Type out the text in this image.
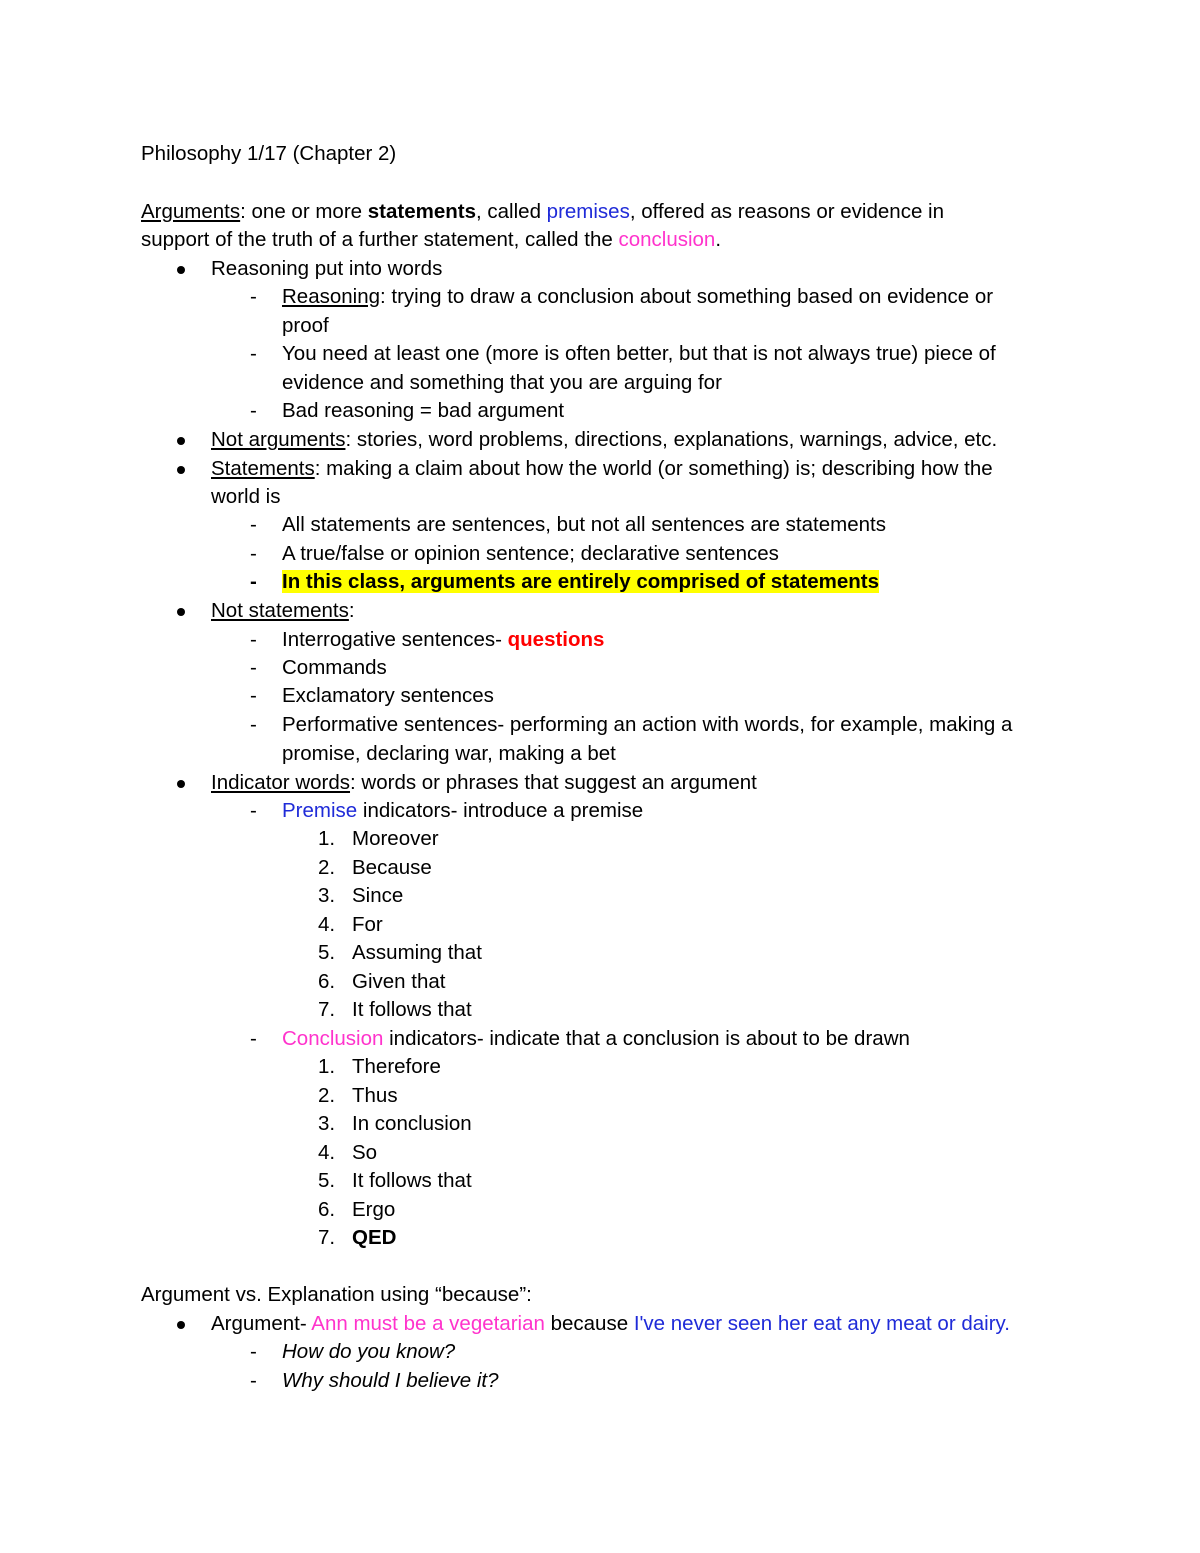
Philosophy 1/17 (Chapter 2)
Arguments: one or more statements, called premises, offered as reasons or evidence in
support of the truth of a further statement, called the conclusion.
Reasoning put into words
- Reasoning: trying to draw a conclusion about something based on evidence or
proof
- You need at least one (more is often better, but that is not always true) piece of
evidence and something that you are arguing for
- Bad reasoning = bad argument
Not arguments: stories, word problems, directions, explanations, warnings, advice, etc.
Statements: making a claim about how the world (or something) is; describing how the
world is
- All statements are sentences, but not all sentences are statements
- A true/false or opinion sentence; declarative sentences
- In this class, arguments are entirely comprised of statements
Not statements:
- Interrogative sentences- questions
- Commands
- Exclamatory sentences
- Performative sentences- performing an action with words, for example, making a
promise, declaring war, making a bet
Indicator words: words or phrases that suggest an argument
- Premise indicators- introduce a premise
1. Moreover
2. Because
3. Since
4. For
5. Assuming that
6. Given that
7. It follows that
- Conclusion indicators- indicate that a conclusion is about to be drawn
1. Therefore
2. Thus
3. In conclusion
4. So
5. It follows that
6. Ergo
7. QED
Argument vs. Explanation using “because”:
Argument- Ann must be a vegetarian because I've never seen her eat any meat or dairy.
- How do you know?
- Why should I believe it?
